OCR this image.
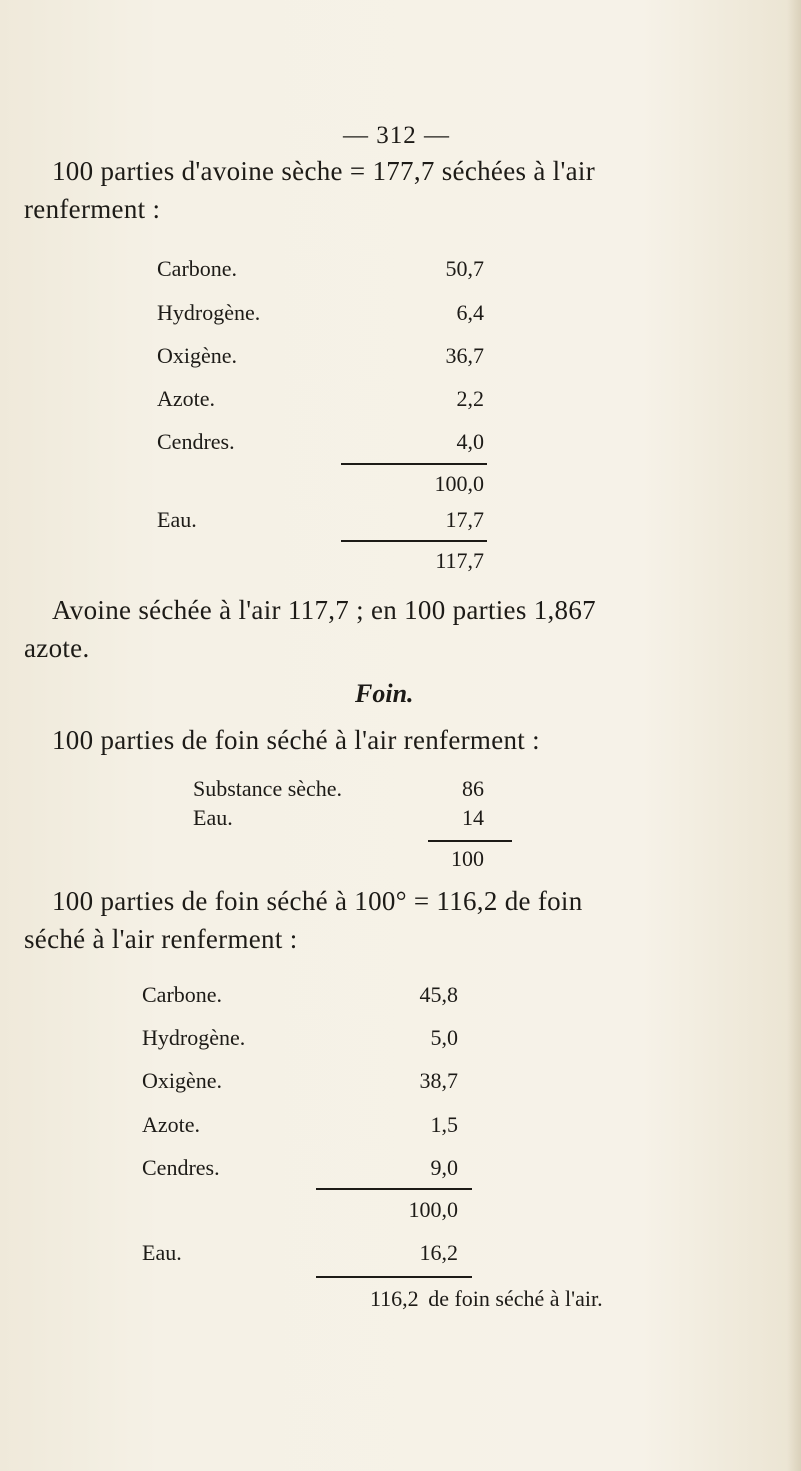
— 312 —
100 parties d'avoine sèche = 177,7 séchées à l'air
renferment :
Carbone.	50,7
Hydrogène.	6,4
Oxigène.	36,7
Azote.	2,2
Cendres.	4,0
100,0
Eau.	17,7
117,7
Avoine séchée à l'air 117,7 ; en 100 parties 1,867
azote.
Foin.
100 parties de foin séché à l'air renferment :
Substance sèche.	86
Eau.	14
100
100 parties de foin séché à 100° = 116,2 de foin
séché à l'air renferment :
Carbone.	45,8
Hydrogène.	5,0
Oxigène.	38,7
Azote.	1,5
Cendres.	9,0
100,0
Eau.	16,2
116,2 de foin séché à l'air.
